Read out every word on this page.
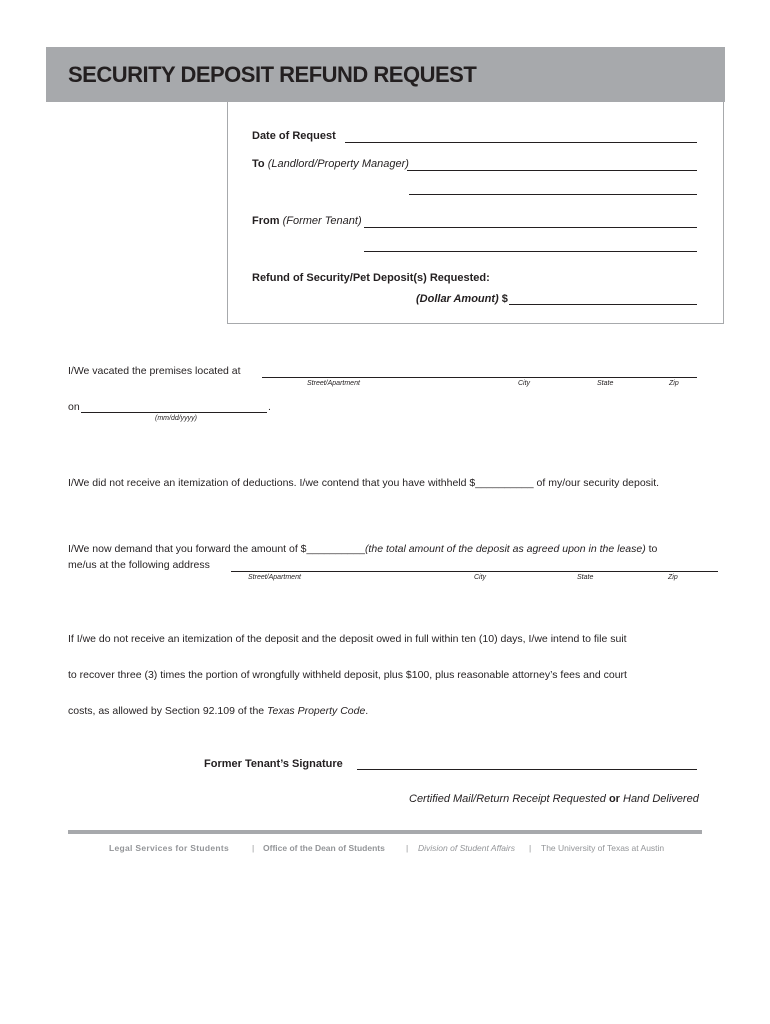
SECURITY DEPOSIT REFUND REQUEST
Date of Request
To (Landlord/Property Manager)
From (Former Tenant)
Refund of Security/Pet Deposit(s) Requested:
(Dollar Amount) $
I/We vacated the premises located at
Street/Apartment	City	State	Zip
on	.
(mm/dd/yyyy)
I/We did not receive an itemization of deductions. I/we contend that you have withheld $__________ of my/our security deposit.
I/We now demand that you forward the amount of $__________(the total amount of the deposit as agreed upon in the lease) to
me/us at the following address
Street/Apartment	City	State	Zip
If I/we do not receive an itemization of the deposit and the deposit owed in full within ten (10) days, I/we intend to file suit
to recover three (3) times the portion of wrongfully withheld deposit, plus $100, plus reasonable attorney’s fees and court
costs, as allowed by Section 92.109 of the Texas Property Code.
Former Tenant’s Signature
Certified Mail/Return Receipt Requested or Hand Delivered
Legal Services for Students	| Office of the Dean of Students | Division of Student Affairs | The University of Texas at Austin
